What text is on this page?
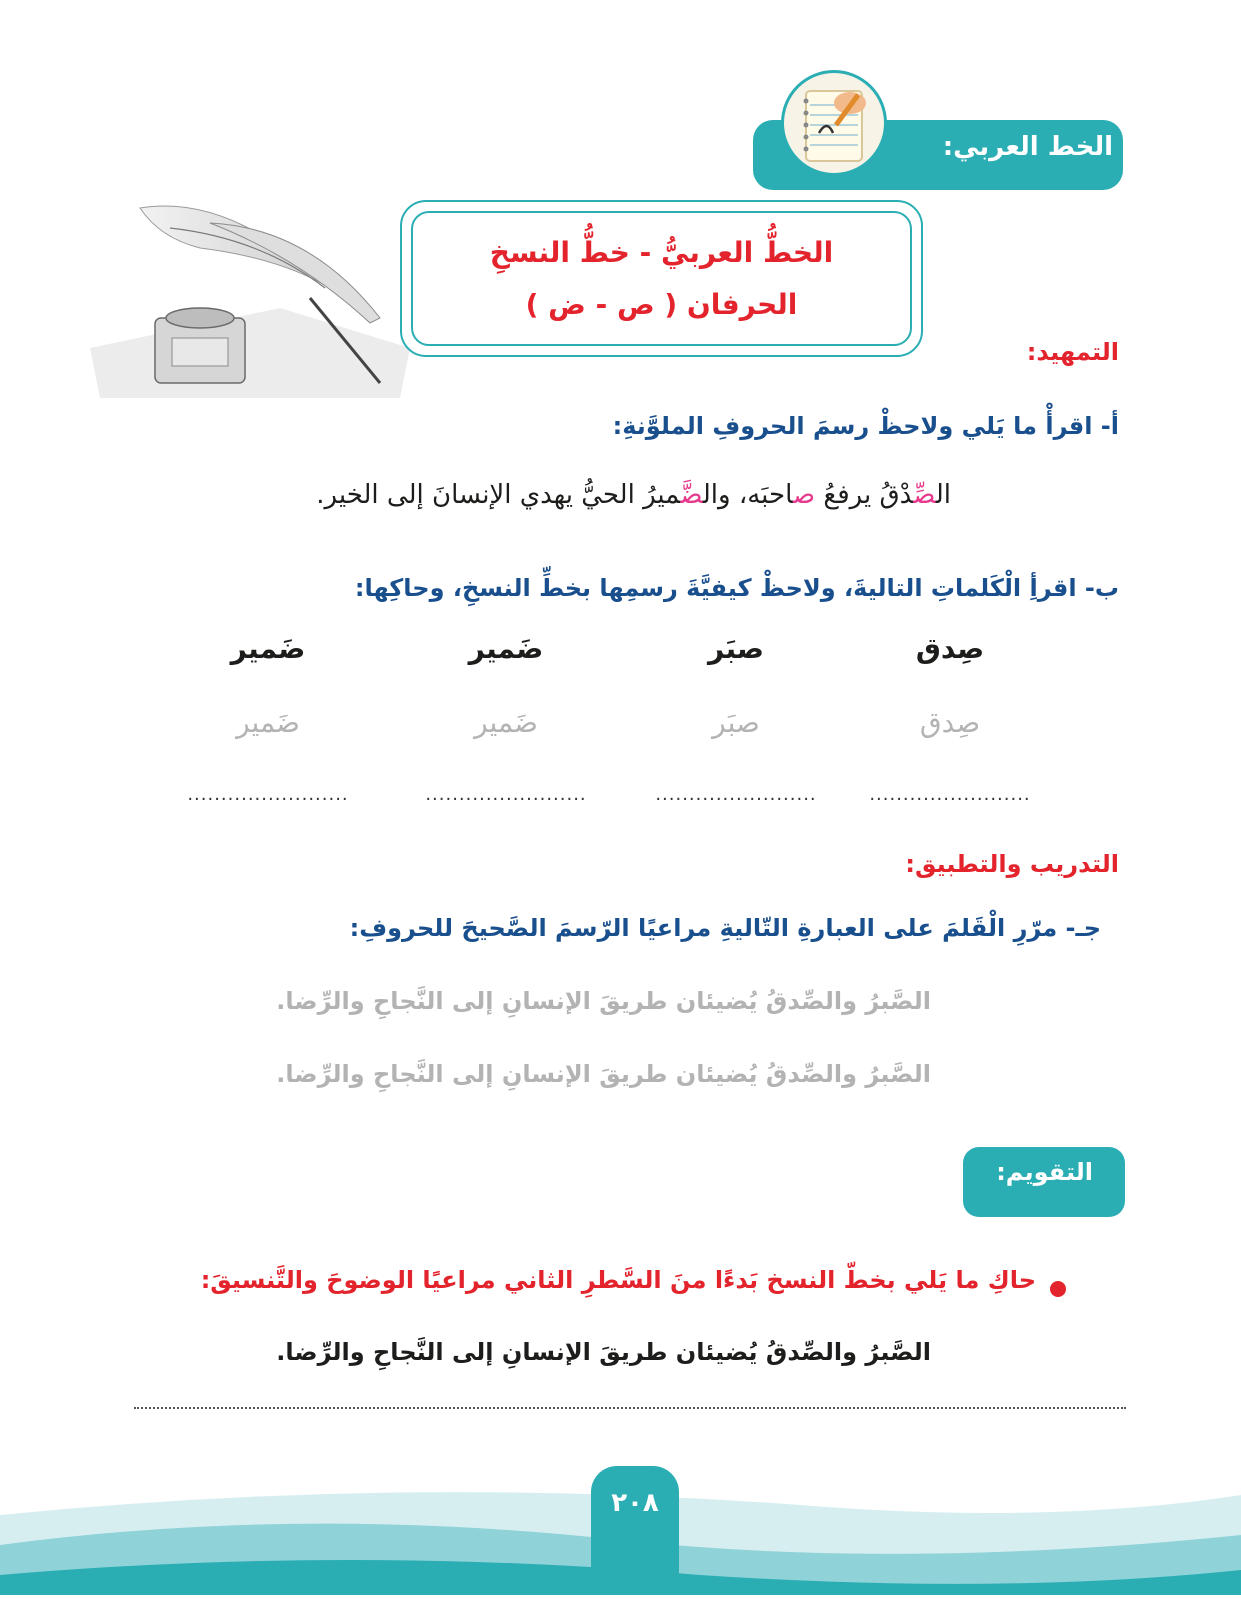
الخط العربي:
الخطُّ العربيُّ - خطُّ النسخِ
الحرفان ( ص - ض )
التمهيد:
أ- اقرأْ ما يَلي ولاحظْ رسمَ الحروفِ الملوَّنةِ:
الصِّدْقُ يرفعُ صاحبَه، والضَّميرُ الحيُّ يهدي الإنسانَ إلى الخير.
ب- اقرأِ الْكَلماتِ التاليةَ، ولاحظْ كيفيَّةَ رسمِها بخطِّ النسخِ، وحاكِها:
صِدق
صبَر
ضَمير
ضَمير
صِدق
صبَر
ضَمير
ضَمير
........................
........................
........................
........................
التدريب والتطبيق:
جـ- مرّرِ الْقَلمَ على العبارةِ التّاليةِ مراعيًا الرّسمَ الصَّحيحَ للحروفِ:
الصَّبرُ والصِّدقُ يُضيئان طريقَ الإنسانِ إلى النَّجاحِ والرِّضا.
الصَّبرُ والصِّدقُ يُضيئان طريقَ الإنسانِ إلى النَّجاحِ والرِّضا.
التقويم:
حاكِ ما يَلي بخطّ النسخ بَدءًا منَ السَّطرِ الثاني مراعيًا الوضوحَ والتَّنسيقَ:
الصَّبرُ والصِّدقُ يُضيئان طريقَ الإنسانِ إلى النَّجاحِ والرِّضا.
٢٠٨
